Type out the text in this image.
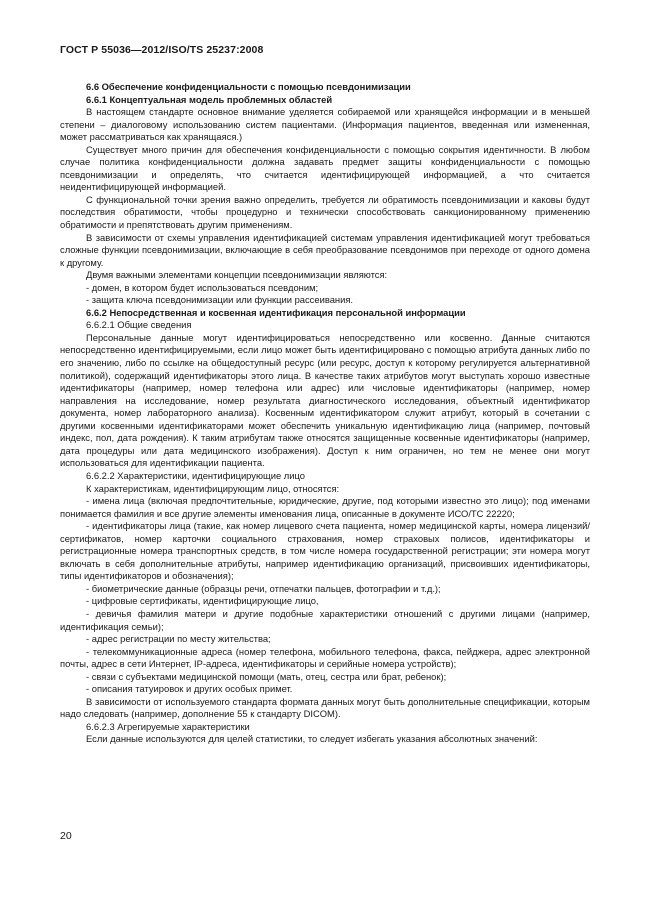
ГОСТ Р 55036—2012/ISO/TS 25237:2008

6.6 Обеспечение конфиденциальности с помощью псевдонимизации

6.6.1 Концептуальная модель проблемных областей

В настоящем стандарте основное внимание уделяется собираемой или хранящейся информации и в меньшей степени – диалоговому использованию систем пациентами. (Информация пациентов, введенная или измененная, может рассматриваться как хранящаяся.)

Существует много причин для обеспечения конфиденциальности с помощью сокрытия идентичности. В любом случае политика конфиденциальности должна задавать предмет защиты конфиденциальности с помощью псевдонимизации и определять, что считается идентифицирующей информацией, а что считается неидентифицирующей информацией.

С функциональной точки зрения важно определить, требуется ли обратимость псевдонимизации и каковы будут последствия обратимости, чтобы процедурно и технически способствовать санкционированному применению обратимости и препятствовать другим применениям.

В зависимости от схемы управления идентификацией системам управления идентификацией могут требоваться сложные функции псевдонимизации, включающие в себя преобразование псевдонимов при переходе от одного домена к другому.

Двумя важными элементами концепции псевдонимизации являются:

- домен, в котором будет использоваться псевдоним;

- защита ключа псевдонимизации или функции рассеивания.

6.6.2 Непосредственная и косвенная идентификация персональной информации

6.6.2.1 Общие сведения

Персональные данные могут идентифицироваться непосредственно или косвенно. Данные считаются непосредственно идентифицируемыми, если лицо может быть идентифицировано с помощью атрибута данных либо по его значению, либо по ссылке на общедоступный ресурс (или ресурс, доступ к которому регулируется альтернативной политикой), содержащий идентификаторы этого лица. В качестве таких атрибутов могут выступать хорошо известные идентификаторы (например, номер телефона или адрес) или числовые идентификаторы (например, номер направления на исследование, номер результата диагностического исследования, объектный идентификатор документа, номер лабораторного анализа). Косвенным идентификатором служит атрибут, который в сочетании с другими косвенными идентификаторами может обеспечить уникальную идентификацию лица (например, почтовый индекс, пол, дата рождения). К таким атрибутам также относятся защищенные косвенные идентификаторы (например, дата процедуры или дата медицинского изображения). Доступ к ним ограничен, но тем не менее они могут использоваться для идентификации пациента.

6.6.2.2 Характеристики, идентифицирующие лицо

К характеристикам, идентифицирующим лицо, относятся:

- имена лица (включая предпочтительные, юридические, другие, под которыми известно это лицо); под именами понимается фамилия и все другие элементы именования лица, описанные в документе ИСО/ТС 22220;

- идентификаторы лица (такие, как номер лицевого счета пациента, номер медицинской карты, номера лицензий/сертификатов, номер карточки социального страхования, номер страховых полисов, идентификаторы и регистрационные номера транспортных средств, в том числе номера государственной регистрации; эти номера могут включать в себя дополнительные атрибуты, например идентификацию организаций, присвоивших идентификаторы, типы идентификаторов и обозначения);

- биометрические данные (образцы речи, отпечатки пальцев, фотографии и т.д.);

- цифровые сертификаты, идентифицирующие лицо,

- девичья фамилия матери и другие подобные характеристики отношений с другими лицами (например, идентификация семьи);

- адрес регистрации по месту жительства;

- телекоммуникационные адреса (номер телефона, мобильного телефона, факса, пейджера, адрес электронной почты, адрес в сети Интернет, IP-адреса, идентификаторы и серийные номера устройств);

- связи с субъектами медицинской помощи (мать, отец, сестра или брат, ребенок);

- описания татуировок и других особых примет.

В зависимости от используемого стандарта формата данных могут быть дополнительные спецификации, которым надо следовать (например, дополнение 55 к стандарту DICOM).

6.6.2.3 Агрегируемые характеристики

Если данные используются для целей статистики, то следует избегать указания абсолютных значений:

20
